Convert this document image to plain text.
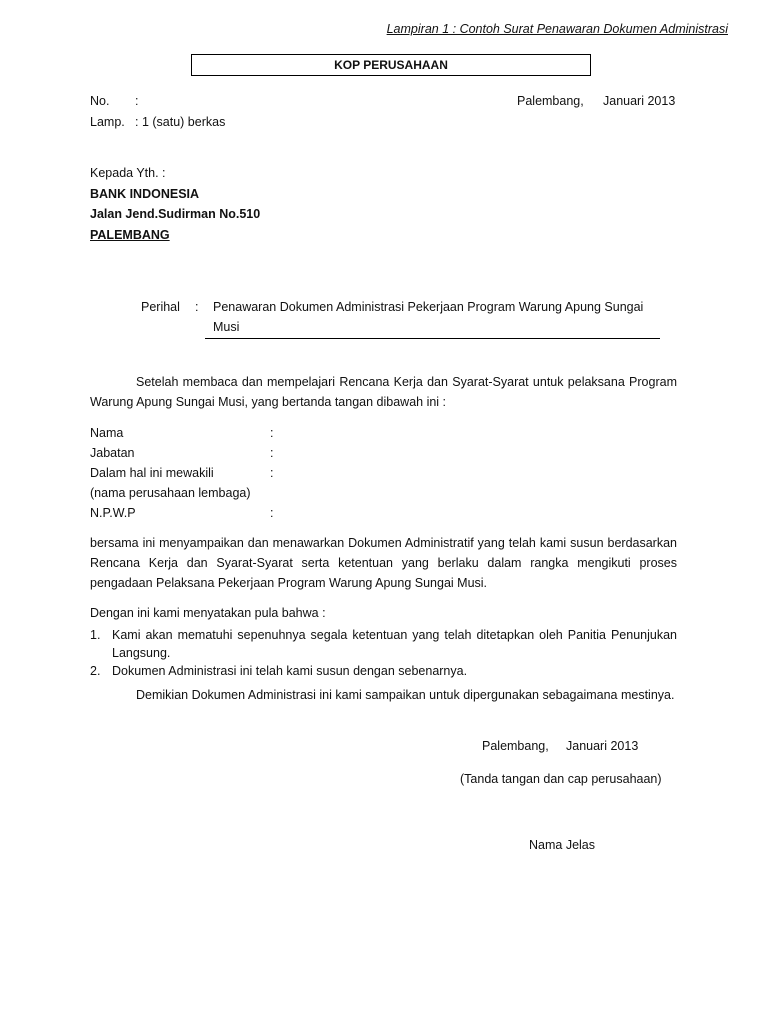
Lampiran 1 : Contoh Surat Penawaran Dokumen Administrasi
KOP PERUSAHAAN
No. :
Lamp. : 1 (satu) berkas
Palembang, Januari 2013
Kepada Yth. :
BANK INDONESIA
Jalan Jend.Sudirman No.510
PALEMBANG
Perihal : Penawaran Dokumen Administrasi Pekerjaan Program Warung Apung Sungai
Musi
Setelah membaca dan mempelajari Rencana Kerja dan Syarat-Syarat untuk pelaksana Program Warung Apung Sungai Musi, yang bertanda tangan dibawah ini :
Nama	:
Jabatan	:
Dalam hal ini mewakili	:
(nama perusahaan lembaga)
N.P.W.P	:
bersama ini menyampaikan dan menawarkan Dokumen Administratif yang telah kami susun berdasarkan Rencana Kerja dan Syarat-Syarat serta ketentuan yang berlaku dalam rangka mengikuti proses pengadaan Pelaksana Pekerjaan Program Warung Apung Sungai Musi.
Dengan ini kami menyatakan pula bahwa :
1. Kami akan mematuhi sepenuhnya segala ketentuan yang telah ditetapkan oleh Panitia Penunjukan Langsung.
2. Dokumen Administrasi ini telah kami susun dengan sebenarnya.
Demikian Dokumen Administrasi ini kami sampaikan untuk dipergunakan sebagaimana mestinya.
Palembang, Januari 2013
(Tanda tangan dan cap perusahaan)
Nama Jelas
